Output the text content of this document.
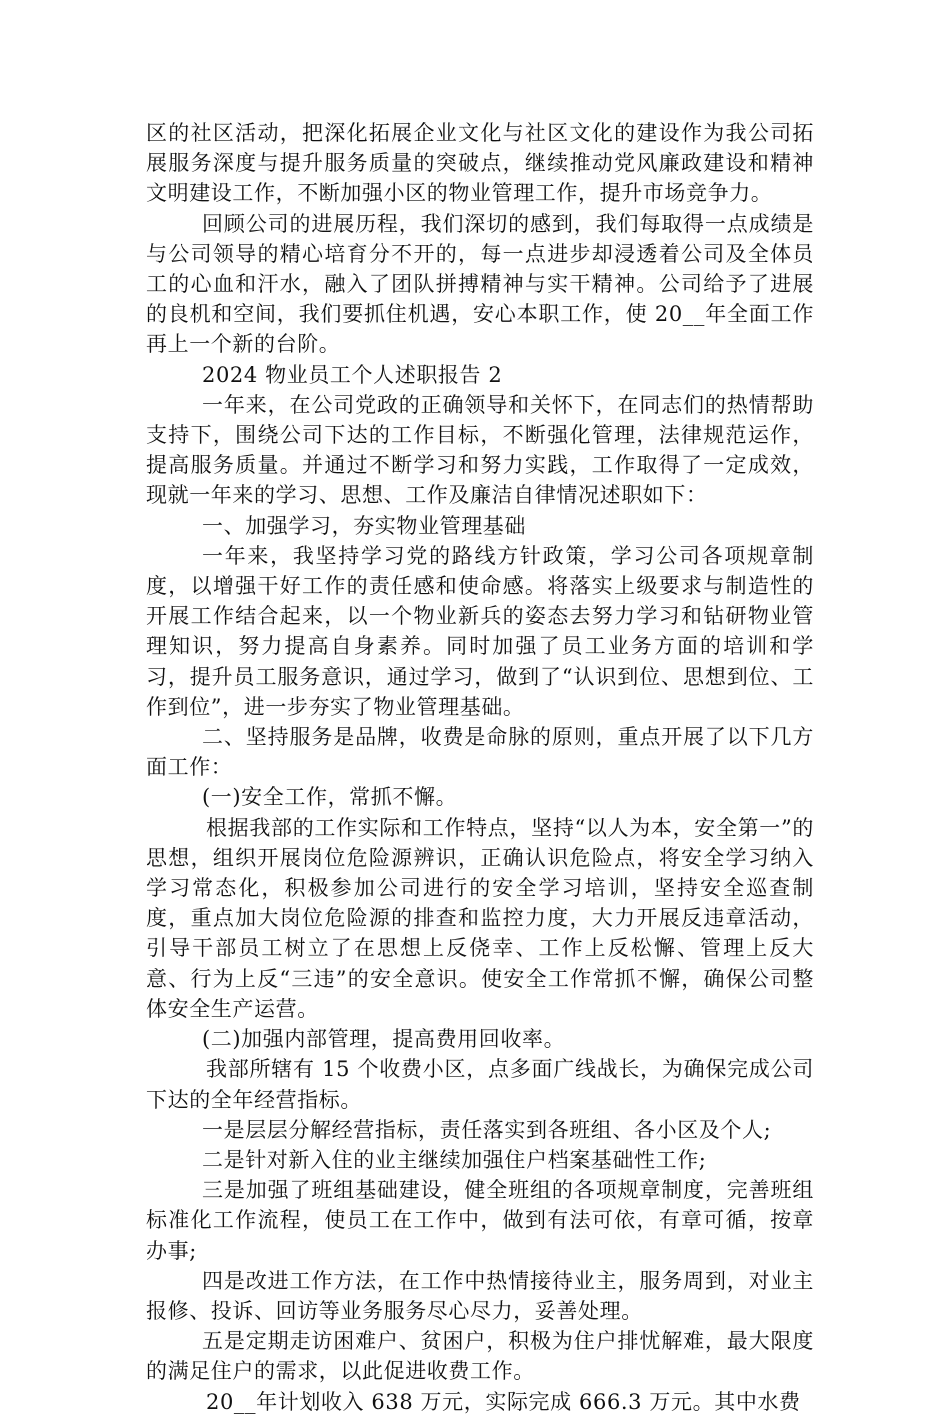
区的社区活动，把深化拓展企业文化与社区文化的建设作为我公司拓展服务深度与提升服务质量的突破点，继续推动党风廉政建设和精神文明建设工作，不断加强小区的物业管理工作，提升市场竞争力。

回顾公司的进展历程，我们深切的感到，我们每取得一点成绩是与公司领导的精心培育分不开的，每一点进步却浸透着公司及全体员工的心血和汗水，融入了团队拼搏精神与实干精神。公司给予了进展的良机和空间，我们要抓住机遇，安心本职工作，使 20__年全面工作再上一个新的台阶。

2024 物业员工个人述职报告 2

一年来，在公司党政的正确领导和关怀下，在同志们的热情帮助支持下，围绕公司下达的工作目标，不断强化管理，法律规范运作，提高服务质量。并通过不断学习和努力实践，工作取得了一定成效，现就一年来的学习、思想、工作及廉洁自律情况述职如下：

一、加强学习，夯实物业管理基础

一年来，我坚持学习党的路线方针政策，学习公司各项规章制度，以增强干好工作的责任感和使命感。将落实上级要求与制造性的开展工作结合起来，以一个物业新兵的姿态去努力学习和钻研物业管理知识，努力提高自身素养。同时加强了员工业务方面的培训和学习，提升员工服务意识，通过学习，做到了“认识到位、思想到位、工作到位”，进一步夯实了物业管理基础。

二、坚持服务是品牌，收费是命脉的原则，重点开展了以下几方面工作：

(一)安全工作，常抓不懈。

根据我部的工作实际和工作特点，坚持“以人为本，安全第一”的思想，组织开展岗位危险源辨识，正确认识危险点，将安全学习纳入学习常态化，积极参加公司进行的安全学习培训，坚持安全巡查制度，重点加大岗位危险源的排查和监控力度，大力开展反违章活动，引导干部员工树立了在思想上反侥幸、工作上反松懈、管理上反大意、行为上反“三违”的安全意识。使安全工作常抓不懈，确保公司整体安全生产运营。

(二)加强内部管理，提高费用回收率。

我部所辖有 15 个收费小区，点多面广线战长，为确保完成公司下达的全年经营指标。

一是层层分解经营指标，责任落实到各班组、各小区及个人;

二是针对新入住的业主继续加强住户档案基础性工作;

三是加强了班组基础建设，健全班组的各项规章制度，完善班组标准化工作流程，使员工在工作中，做到有法可依，有章可循，按章办事;

四是改进工作方法，在工作中热情接待业主，服务周到，对业主报修、投诉、回访等业务服务尽心尽力，妥善处理。

五是定期走访困难户、贫困户，积极为住户排忧解难，最大限度的满足住户的需求，以此促进收费工作。

20__年计划收入 638 万元，实际完成 666.3 万元。其中水费
